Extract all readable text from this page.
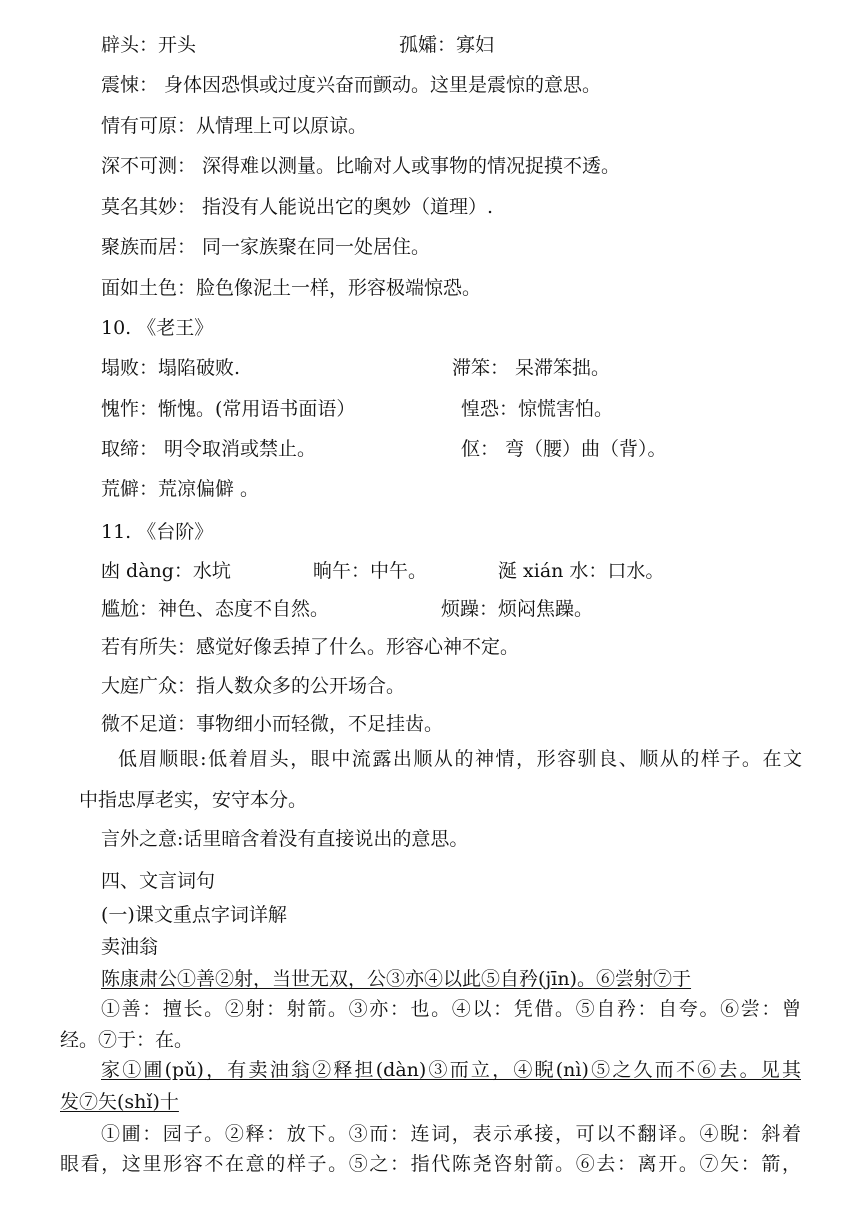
辟头：开头	孤孀：寡妇
震悚： 身体因恐惧或过度兴奋而颤动。这里是震惊的意思。
情有可原：从情理上可以原谅。
深不可测： 深得难以测量。比喻对人或事物的情况捉摸不透。
莫名其妙： 指没有人能说出它的奥妙（道理）.
聚族而居： 同一家族聚在同一处居住。
面如土色：脸色像泥土一样，形容极端惊恐。
10. 《老王》
塌败：塌陷破败.	滞笨： 呆滞笨拙。
愧怍：惭愧。(常用语书面语）	惶恐：惊慌害怕。
取缔： 明令取消或禁止。	伛： 弯（腰）曲（背）。
荒僻：荒凉偏僻 。
11. 《台阶》
凼 dàng：水坑	晌午：中午。	涎 xián 水：口水。
尴尬：神色、态度不自然。	烦躁：烦闷焦躁。
若有所失：感觉好像丢掉了什么。形容心神不定。
大庭广众：指人数众多的公开场合。
微不足道：事物细小而轻微，不足挂齿。
低眉顺眼:低着眉头，眼中流露出顺从的神情，形容驯良、顺从的样子。在文
中指忠厚老实，安守本分。
言外之意:话里暗含着没有直接说出的意思。
四、文言词句
(一)课文重点字词详解
卖油翁
陈康肃公①善②射，当世无双，公③亦④以此⑤自矜(jīn)。⑥尝射⑦于
①善：擅长。②射：射箭。③亦：也。④以：凭借。⑤自矜：自夸。⑥尝：曾
经。⑦于：在。
家①圃(pǔ)，有卖油翁②释担(dàn)③而立，④睨(nì)⑤之久而不⑥去。见其
发⑦矢(shǐ)十
①圃：园子。②释：放下。③而：连词，表示承接，可以不翻译。④睨：斜着
眼看，这里形容不在意的样子。⑤之：指代陈尧咨射箭。⑥去：离开。⑦矢：箭，
